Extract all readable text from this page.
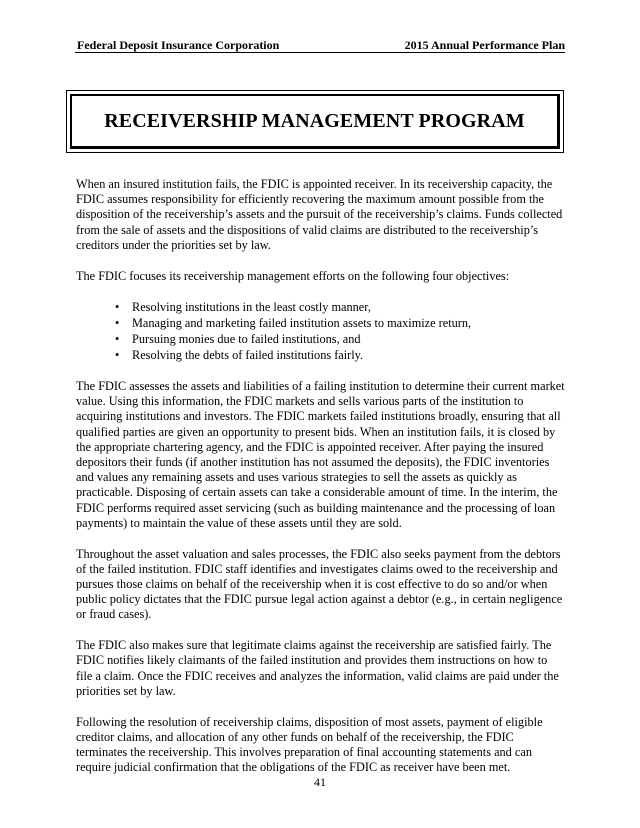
Federal Deposit Insurance Corporation	2015 Annual Performance Plan
RECEIVERSHIP MANAGEMENT PROGRAM

When an insured institution fails, the FDIC is appointed receiver. In its receivership capacity, the FDIC assumes responsibility for efficiently recovering the maximum amount possible from the disposition of the receivership’s assets and the pursuit of the receivership’s claims. Funds collected from the sale of assets and the dispositions of valid claims are distributed to the receivership’s creditors under the priorities set by law.

The FDIC focuses its receivership management efforts on the following four objectives:

• Resolving institutions in the least costly manner,
• Managing and marketing failed institution assets to maximize return,
• Pursuing monies due to failed institutions, and
• Resolving the debts of failed institutions fairly.

The FDIC assesses the assets and liabilities of a failing institution to determine their current market value. Using this information, the FDIC markets and sells various parts of the institution to acquiring institutions and investors. The FDIC markets failed institutions broadly, ensuring that all qualified parties are given an opportunity to present bids. When an institution fails, it is closed by the appropriate chartering agency, and the FDIC is appointed receiver. After paying the insured depositors their funds (if another institution has not assumed the deposits), the FDIC inventories and values any remaining assets and uses various strategies to sell the assets as quickly as practicable. Disposing of certain assets can take a considerable amount of time. In the interim, the FDIC performs required asset servicing (such as building maintenance and the processing of loan payments) to maintain the value of these assets until they are sold.

Throughout the asset valuation and sales processes, the FDIC also seeks payment from the debtors of the failed institution. FDIC staff identifies and investigates claims owed to the receivership and pursues those claims on behalf of the receivership when it is cost effective to do so and/or when public policy dictates that the FDIC pursue legal action against a debtor (e.g., in certain negligence or fraud cases).

The FDIC also makes sure that legitimate claims against the receivership are satisfied fairly. The FDIC notifies likely claimants of the failed institution and provides them instructions on how to file a claim. Once the FDIC receives and analyzes the information, valid claims are paid under the priorities set by law.

Following the resolution of receivership claims, disposition of most assets, payment of eligible creditor claims, and allocation of any other funds on behalf of the receivership, the FDIC terminates the receivership. This involves preparation of final accounting statements and can require judicial confirmation that the obligations of the FDIC as receiver have been met.

41
